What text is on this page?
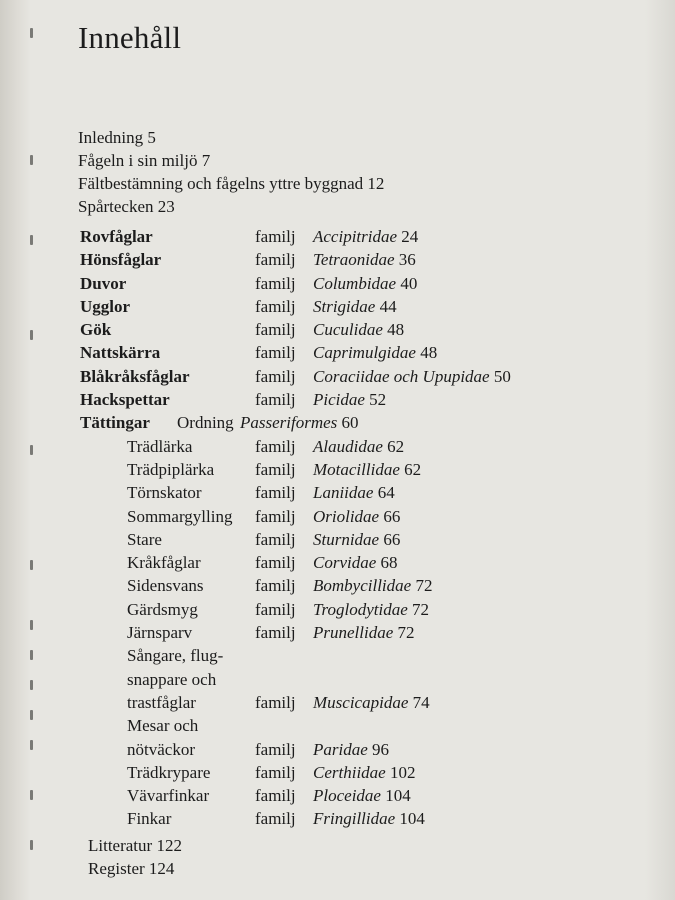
Innehåll
Inledning 5
Fågeln i sin miljö 7
Fältbestämning och fågelns yttre byggnad 12
Spårtecken 23
Rovfåglar	familj Accipitridae 24
Hönsfåglar	familj Tetraonidae 36
Duvor	familj Columbidae 40
Ugglor	familj Strigidae 44
Gök	familj Cuculidae 48
Nattskärra	familj Caprimulgidae 48
Blåkråksfåglar	familj Coraciidae och Upupidae 50
Hackspettar	familj Picidae 52
Tättingar Ordning Passeriformes 60
Trädlärka	familj Alaudidae 62
Trädpiplärka familj Motacillidae 62
Törnskator	familj Laniidae 64
Sommargylling familj Oriolidae 66
Stare	familj Sturnidae 66
Kråkfåglar	familj Corvidae 68
Sidensvans	familj Bombycillidae 72
Gärdsmyg	familj Troglodytidae 72
Järnsparv	familj Prunellidae 72
Sångare, flug-
snappare och
trastfåglar	familj Muscicapidae 74
Mesar och
nötväckor	familj Paridae 96
Trädkrypare	familj Certhiidae 102
Vävarfinkar	familj Ploceidae 104
Finkar	familj Fringillidae 104
Litteratur 122
Register 124
